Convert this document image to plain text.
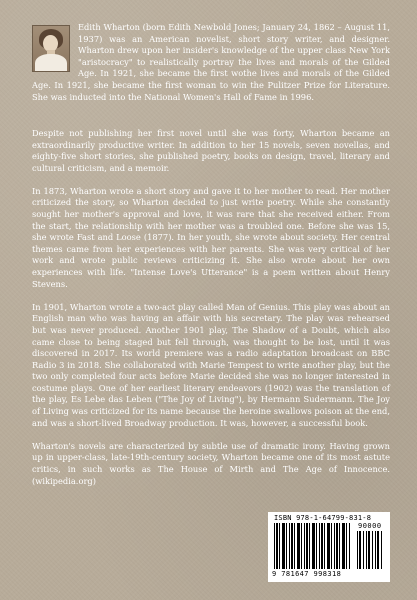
Edith Wharton (born Edith Newbold Jones; January 24, 1862 – August 11, 1937) was an American novelist, short story writer, and designer. Wharton drew upon her insider's knowledge of the upper class New York "aristocracy" to realistically portray the lives and morals of the Gilded Age. In 1921, she became the first wothe lives and morals of the Gilded Age. In 1921, she became the first woman to win the Pulitzer Prize for Literature. She was inducted into the National Women's Hall of Fame in 1996.

Despite not publishing her first novel until she was forty, Wharton became an extraordinarily productive writer. In addition to her 15 novels, seven novellas, and eighty-five short stories, she published poetry, books on design, travel, literary and cultural criticism, and a memoir.

In 1873, Wharton wrote a short story and gave it to her mother to read. Her mother criticized the story, so Wharton decided to just write poetry. While she constantly sought her mother's approval and love, it was rare that she received either. From the start, the relationship with her mother was a troubled one. Before she was 15, she wrote Fast and Loose (1877). In her youth, she wrote about society. Her central themes came from her experiences with her parents. She was very critical of her work and wrote public reviews criticizing it. She also wrote about her own experiences with life. "Intense Love's Utterance" is a poem written about Henry Stevens.

In 1901, Wharton wrote a two-act play called Man of Genius. This play was about an English man who was having an affair with his secretary. The play was rehearsed but was never produced. Another 1901 play, The Shadow of a Doubt, which also came close to being staged but fell through, was thought to be lost, until it was discovered in 2017. Its world premiere was a radio adaptation broadcast on BBC Radio 3 in 2018. She collaborated with Marie Tempest to write another play, but the two only completed four acts before Marie decided she was no longer interested in costume plays. One of her earliest literary endeavors (1902) was the translation of the play, Es Lebe das Leben ("The Joy of Living"), by Hermann Sudermann. The Joy of Living was criticized for its name because the heroine swallows poison at the end, and was a short-lived Broadway production. It was, however, a successful book.

Wharton's novels are characterized by subtle use of dramatic irony. Having grown up in upper-class, late-19th-century society, Wharton became one of its most astute critics, in such works as The House of Mirth and The Age of Innocence. (wikipedia.org)

ISBN 978-1-64799-831-8
90000
9 781647 998318
